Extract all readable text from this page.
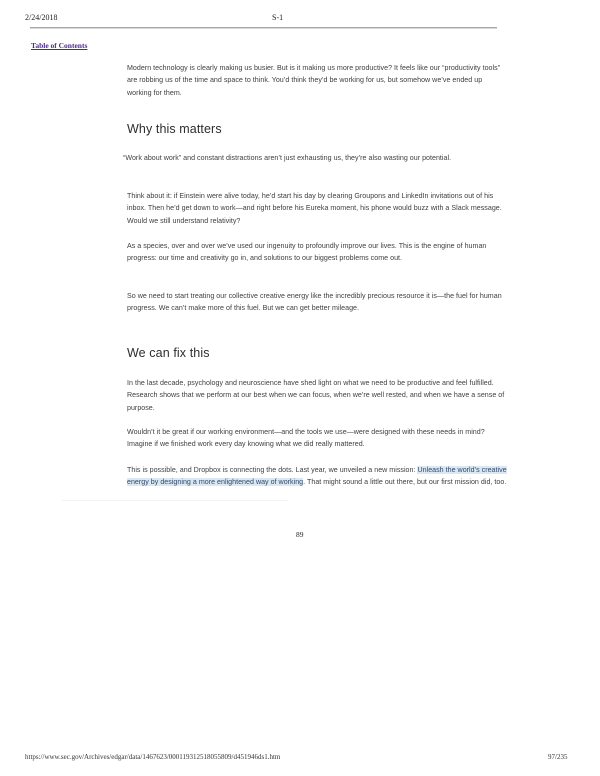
2/24/2018	S-1
Table of Contents

Modern technology is clearly making us busier. But is it making us more productive? It feels like our “productivity tools” are robbing us of the time and space to think. You’d think they’d be working for us, but somehow we’ve ended up working for them.

Why this matters

“Work about work” and constant distractions aren’t just exhausting us, they’re also wasting our potential.

Think about it: if Einstein were alive today, he’d start his day by clearing Groupons and LinkedIn invitations out of his inbox. Then he’d get down to work—and right before his Eureka moment, his phone would buzz with a Slack message. Would we still understand relativity?

As a species, over and over we’ve used our ingenuity to profoundly improve our lives. This is the engine of human progress: our time and creativity go in, and solutions to our biggest problems come out.

So we need to start treating our collective creative energy like the incredibly precious resource it is—the fuel for human progress. We can’t make more of this fuel. But we can get better mileage.

We can fix this

In the last decade, psychology and neuroscience have shed light on what we need to be productive and feel fulfilled. Research shows that we perform at our best when we can focus, when we’re well rested, and when we have a sense of purpose.

Wouldn’t it be great if our working environment—and the tools we use—were designed with these needs in mind? Imagine if we finished work every day knowing what we did really mattered.

This is possible, and Dropbox is connecting the dots. Last year, we unveiled a new mission: Unleash the world’s creative energy by designing a more enlightened way of working. That might sound a little out there, but our first mission did, too.

89
https://www.sec.gov/Archives/edgar/data/1467623/000119312518055809/d451946ds1.htm	97/235
